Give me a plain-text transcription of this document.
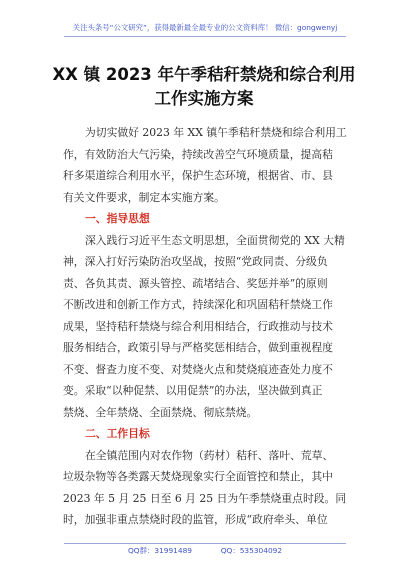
关注头条号“公文研究”，获得最新最全最专业的公文资料库！ 微信：gongwenyj
XX 镇 2023 年午季秸秆禁烧和综合利用
工作实施方案
为切实做好 2023 年 XX 镇午季秸秆禁烧和综合利用工
作，有效防治大气污染，持续改善空气环境质量，提高秸
秆多渠道综合利用水平，保护生态环境，根据省、市、县
有关文件要求，制定本实施方案。
一、指导思想
深入践行习近平生态文明思想，全面贯彻党的 XX 大精
神，深入打好污染防治攻坚战，按照“党政同责、分级负
责、各负其责、源头管控、疏堵结合、奖惩并举”的原则
不断改进和创新工作方式，持续深化和巩固秸秆禁烧工作
成果，坚持秸秆禁烧与综合利用相结合，行政推动与技术
服务相结合，政策引导与严格奖惩相结合，做到重视程度
不变、督查力度不变、对焚烧火点和焚烧痕迹查处力度不
变。采取“以种促禁、以用促禁”的办法，坚决做到真正
禁烧、全年禁烧、全面禁烧、彻底禁烧。
二、工作目标
在全镇范围内对农作物（药材）秸秆、落叶、荒草、
垃圾杂物等各类露天焚烧现象实行全面管控和禁止，其中
2023 年 5 月 25 日至 6 月 25 日为午季禁烧重点时段。同
时，加强非重点禁烧时段的监管，形成“政府牵头、单位
QQ群：31991489	QQ：535304092
